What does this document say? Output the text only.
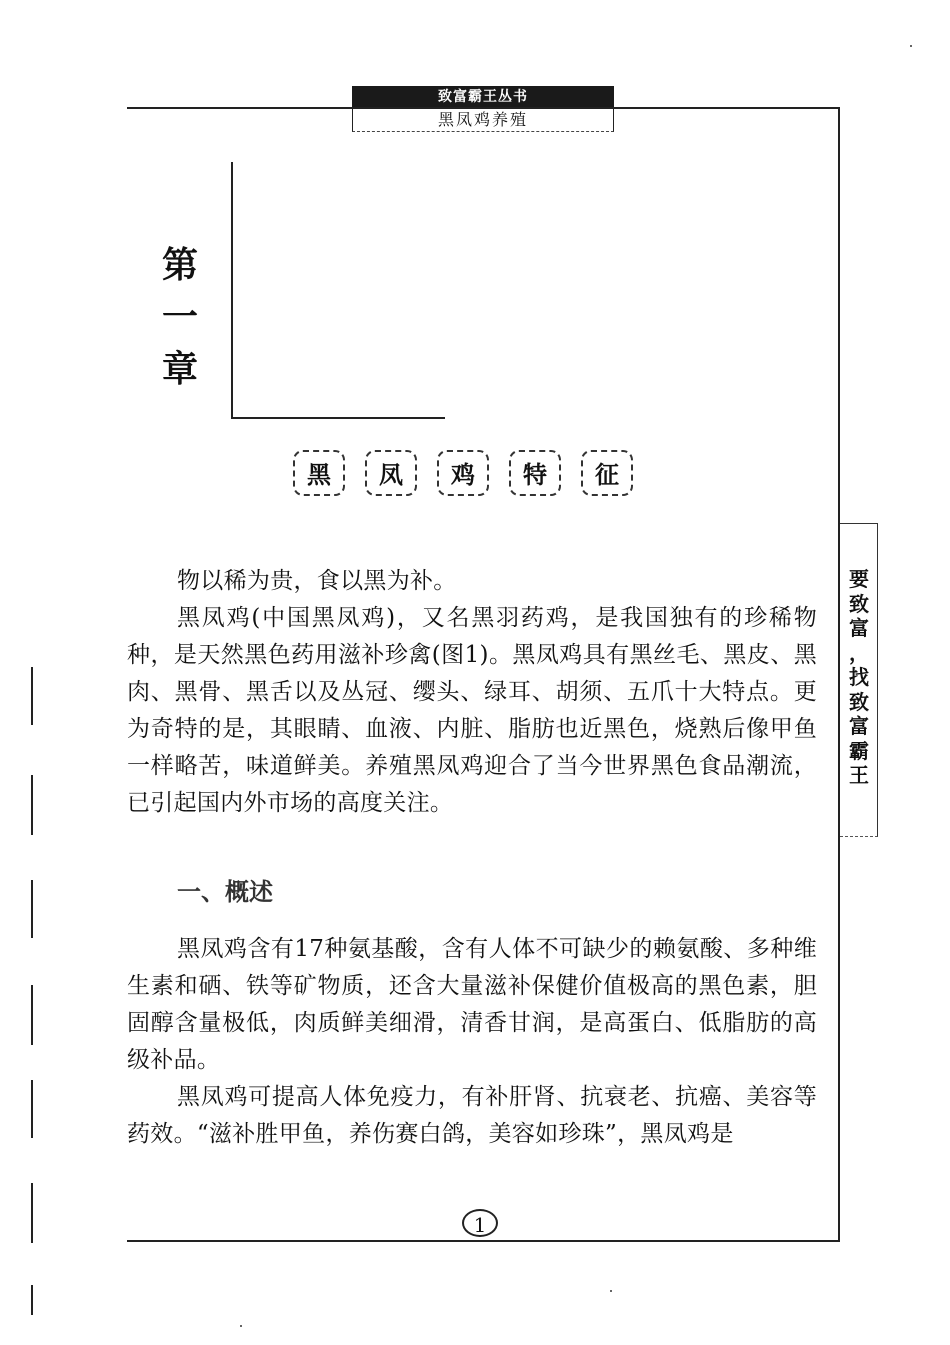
致富霸王丛书
黑凤鸡养殖
第
一
章
黑	凤	鸡	特	征
要
致
富
，
找
致
富
霸
王

物以稀为贵，食以黑为补。

黑凤鸡(中国黑凤鸡)，又名黑羽药鸡，是我国独有的珍稀物种，是天然黑色药用滋补珍禽(图1)。黑凤鸡具有黑丝毛、黑皮、黑肉、黑骨、黑舌以及丛冠、缨头、绿耳、胡须、五爪十大特点。更为奇特的是，其眼睛、血液、内脏、脂肪也近黑色，烧熟后像甲鱼一样略苦，味道鲜美。养殖黑凤鸡迎合了当今世界黑色食品潮流，已引起国内外市场的高度关注。

一、概述

黑凤鸡含有17种氨基酸，含有人体不可缺少的赖氨酸、多种维生素和硒、铁等矿物质，还含大量滋补保健价值极高的黑色素，胆固醇含量极低，肉质鲜美细滑，清香甘润，是高蛋白、低脂肪的高级补品。

黑凤鸡可提高人体免疫力，有补肝肾、抗衰老、抗癌、美容等药效。“滋补胜甲鱼，养伤赛白鸽，美容如珍珠”，黑凤鸡是

1
